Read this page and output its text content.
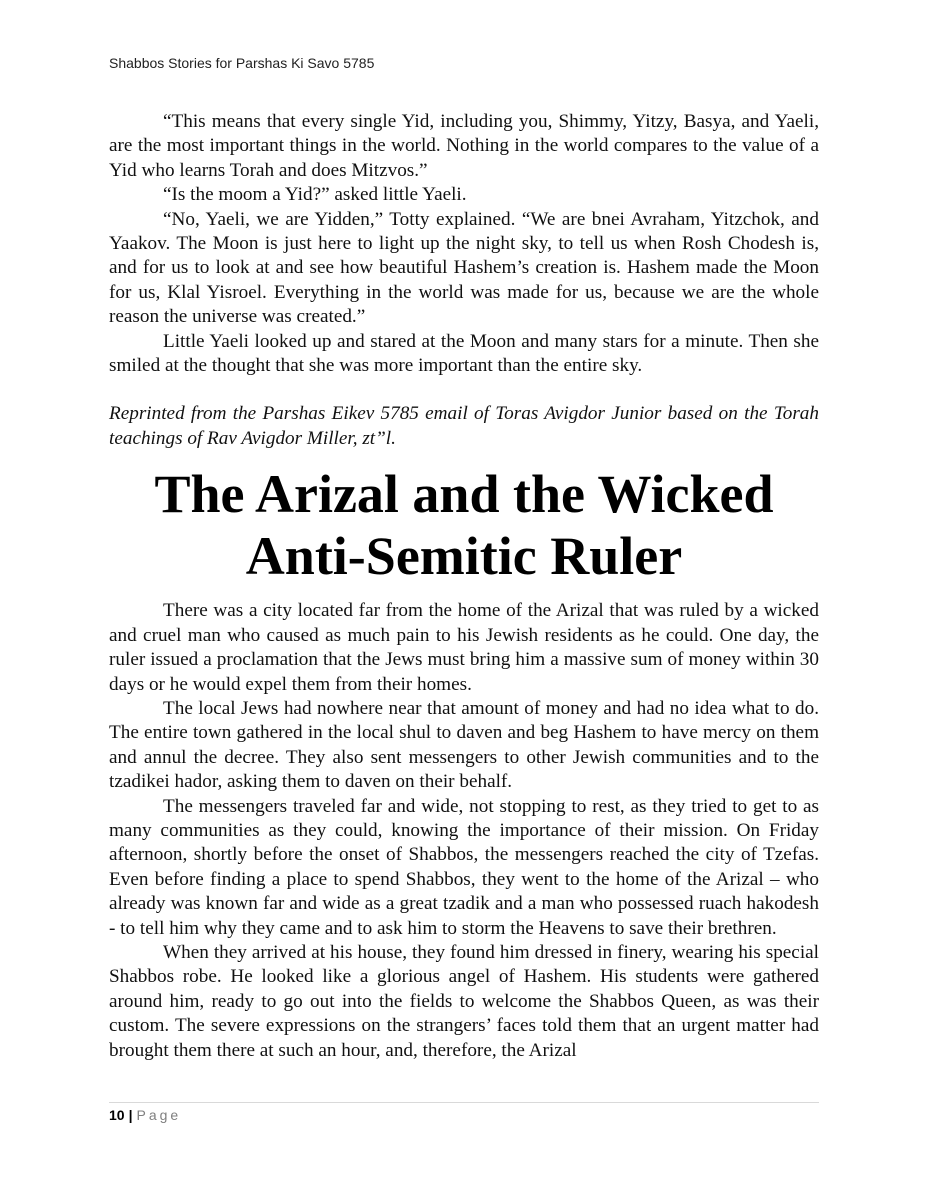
Shabbos Stories for Parshas Ki Savo 5785

“This means that every single Yid, including you, Shimmy, Yitzy, Basya, and Yaeli, are the most important things in the world. Nothing in the world compares to the value of a Yid who learns Torah and does Mitzvos.”

“Is the moom a Yid?” asked little Yaeli.

“No, Yaeli, we are Yidden,” Totty explained. “We are bnei Avraham, Yitzchok, and Yaakov. The Moon is just here to light up the night sky, to tell us when Rosh Chodesh is, and for us to look at and see how beautiful Hashem’s creation is. Hashem made the Moon for us, Klal Yisroel. Everything in the world was made for us, because we are the whole reason the universe was created.”

Little Yaeli looked up and stared at the Moon and many stars for a minute. Then she smiled at the thought that she was more important than the entire sky.

Reprinted from the Parshas Eikev 5785 email of Toras Avigdor Junior based on the Torah teachings of Rav Avigdor Miller, zt”l.

The Arizal and the Wicked
Anti-Semitic Ruler

There was a city located far from the home of the Arizal that was ruled by a wicked and cruel man who caused as much pain to his Jewish residents as he could. One day, the ruler issued a proclamation that the Jews must bring him a massive sum of money within 30 days or he would expel them from their homes.

The local Jews had nowhere near that amount of money and had no idea what to do. The entire town gathered in the local shul to daven and beg Hashem to have mercy on them and annul the decree. They also sent messengers to other Jewish communities and to the tzadikei hador, asking them to daven on their behalf.

The messengers traveled far and wide, not stopping to rest, as they tried to get to as many communities as they could, knowing the importance of their mission. On Friday afternoon, shortly before the onset of Shabbos, the messengers reached the city of Tzefas. Even before finding a place to spend Shabbos, they went to the home of the Arizal – who already was known far and wide as a great tzadik and a man who possessed ruach hakodesh - to tell him why they came and to ask him to storm the Heavens to save their brethren.

When they arrived at his house, they found him dressed in finery, wearing his special Shabbos robe. He looked like a glorious angel of Hashem. His students were gathered around him, ready to go out into the fields to welcome the Shabbos Queen, as was their custom. The severe expressions on the strangers’ faces told them that an urgent matter had brought them there at such an hour, and, therefore, the Arizal

10 | Page
